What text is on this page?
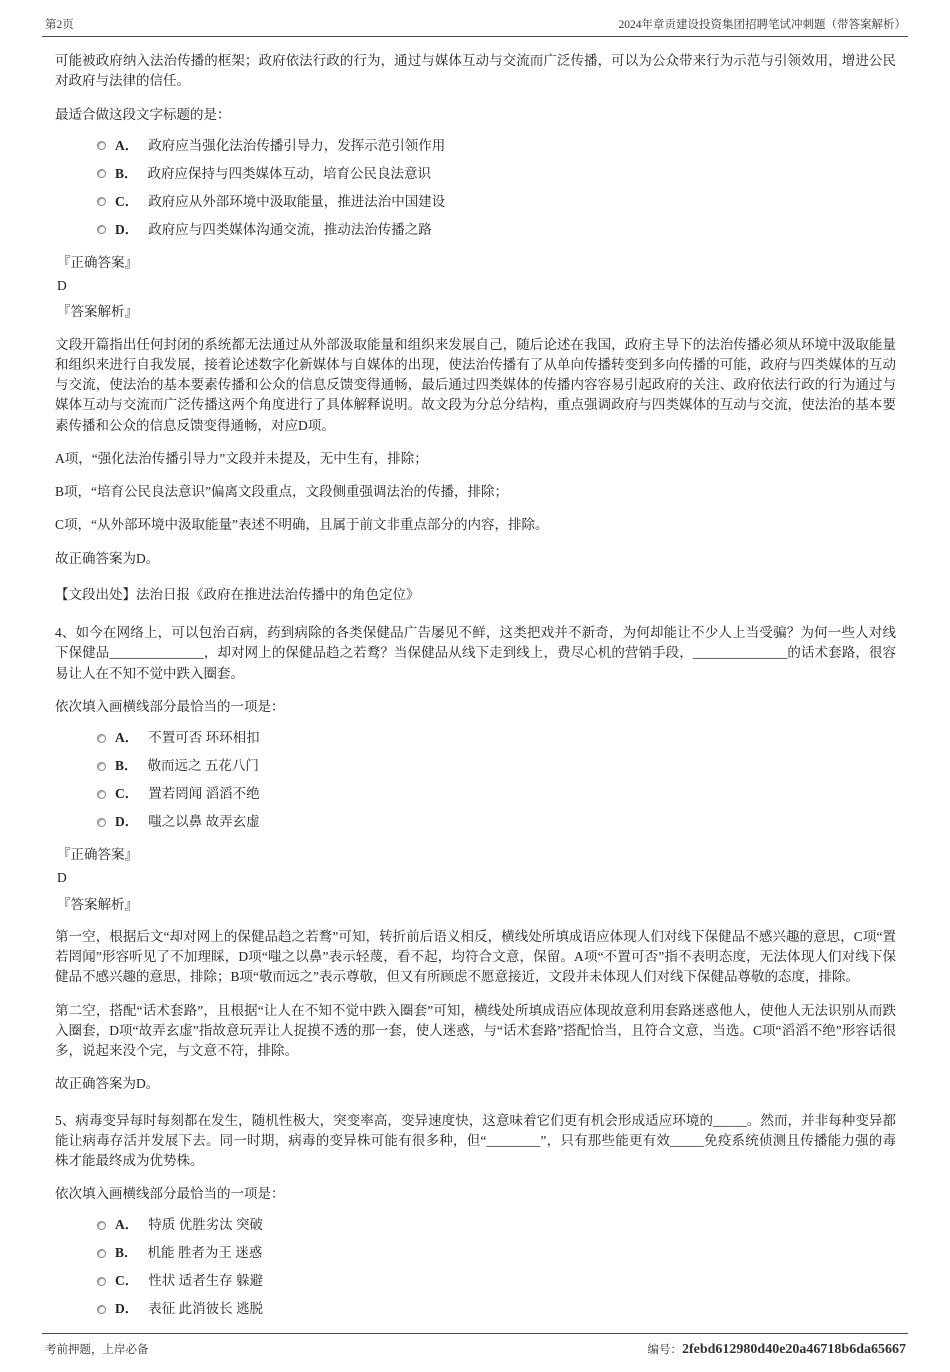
第2页	2024年章贡建设投资集团招聘笔试冲刺题（带答案解析）

可能被政府纳入法治传播的框架；政府依法行政的行为，通过与媒体互动与交流而广泛传播，可以为公众带来行为示范与引领效用，增进公民对政府与法律的信任。

最适合做这段文字标题的是：

A． 政府应当强化法治传播引导力，发挥示范引领作用
B． 政府应保持与四类媒体互动，培育公民良法意识
C． 政府应从外部环境中汲取能量，推进法治中国建设
D． 政府应与四类媒体沟通交流，推动法治传播之路
『正确答案』
D
『答案解析』

文段开篇指出任何封闭的系统都无法通过从外部汲取能量和组织来发展自己，随后论述在我国，政府主导下的法治传播必须从环境中汲取能量和组织来进行自我发展，接着论述数字化新媒体与自媒体的出现，使法治传播有了从单向传播转变到多向传播的可能，政府与四类媒体的互动与交流，使法治的基本要素传播和公众的信息反馈变得通畅，最后通过四类媒体的传播内容容易引起政府的关注、政府依法行政的行为通过与媒体互动与交流而广泛传播这两个角度进行了具体解释说明。故文段为分总分结构，重点强调政府与四类媒体的互动与交流，使法治的基本要素传播和公众的信息反馈变得通畅，对应D项。

A项，“强化法治传播引导力”文段并未提及，无中生有，排除；

B项，“培育公民良法意识”偏离文段重点，文段侧重强调法治的传播，排除；

C项，“从外部环境中汲取能量”表述不明确，且属于前文非重点部分的内容，排除。

故正确答案为D。

【文段出处】法治日报《政府在推进法治传播中的角色定位》

4、如今在网络上，可以包治百病，药到病除的各类保健品广告屡见不鲜，这类把戏并不新奇，为何却能让不少人上当受骗？为何一些人对线下保健品______________，却对网上的保健品趋之若鹜？当保健品从线下走到线上，费尽心机的营销手段，______________的话术套路，很容易让人在不知不觉中跌入圈套。

依次填入画横线部分最恰当的一项是：

A． 不置可否 环环相扣
B． 敬而远之 五花八门
C． 置若罔闻 滔滔不绝
D． 嗤之以鼻 故弄玄虚
『正确答案』
D
『答案解析』

第一空，根据后文“却对网上的保健品趋之若鹜”可知，转折前后语义相反，横线处所填成语应体现人们对线下保健品不感兴趣的意思，C项“置若罔闻”形容听见了不加理睬，D项“嗤之以鼻”表示轻蔑，看不起，均符合文意，保留。A项“不置可否”指不表明态度，无法体现人们对线下保健品不感兴趣的意思，排除；B项“敬而远之”表示尊敬，但又有所顾虑不愿意接近，文段并未体现人们对线下保健品尊敬的态度，排除。

第二空，搭配“话术套路”，且根据“让人在不知不觉中跌入圈套”可知，横线处所填成语应体现故意利用套路迷惑他人，使他人无法识别从而跌入圈套，D项“故弄玄虚”指故意玩弄让人捉摸不透的那一套，使人迷惑，与“话术套路”搭配恰当，且符合文意，当选。C项“滔滔不绝”形容话很多，说起来没个完，与文意不符，排除。

故正确答案为D。

5、病毒变异每时每刻都在发生，随机性极大，突变率高，变异速度快，这意味着它们更有机会形成适应环境的_____。然而，并非每种变异都能让病毒存活并发展下去。同一时期，病毒的变异株可能有很多种，但“________”，只有那些能更有效_____免疫系统侦测且传播能力强的毒株才能最终成为优势株。

依次填入画横线部分最恰当的一项是：

A． 特质 优胜劣汰 突破
B． 机能 胜者为王 迷惑
C． 性状 适者生存 躲避
D． 表征 此消彼长 逃脱
考前押题，上岸必备	编号：2febd612980d40e20a46718b6da65667
